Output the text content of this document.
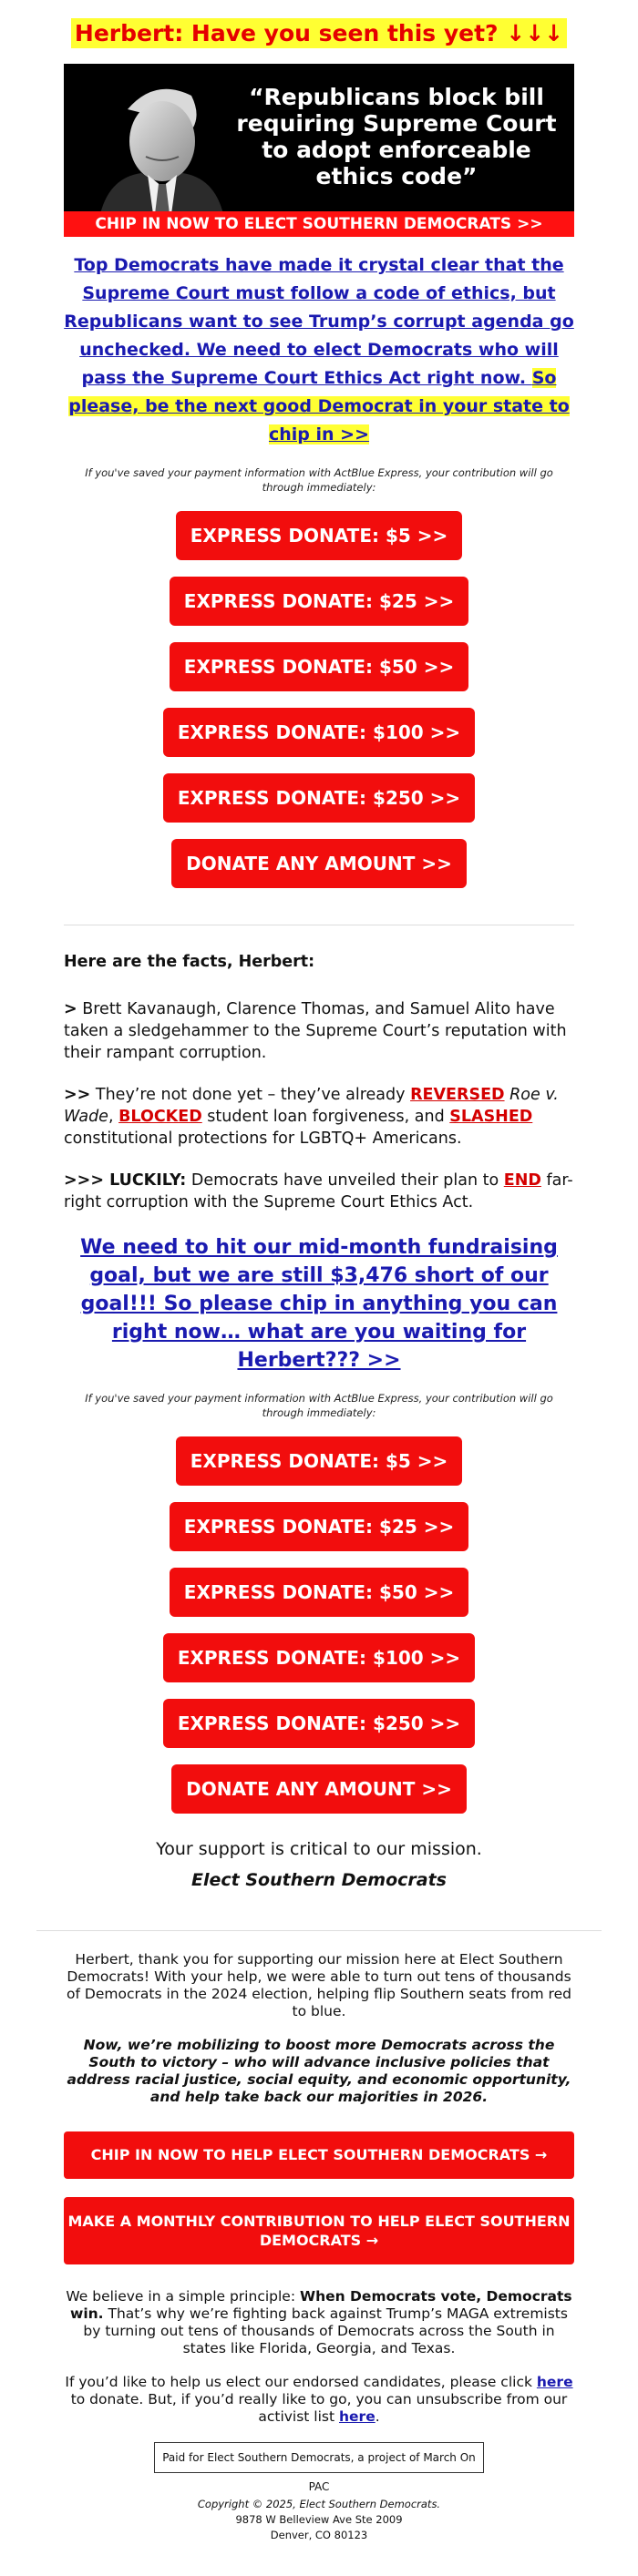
Herbert: Have you seen this yet? ↓↓↓
“Republicans block bill requiring Supreme Court to adopt enforceable ethics code”
CHIP IN NOW TO ELECT SOUTHERN DEMOCRATS >>
Top Democrats have made it crystal clear that the Supreme Court must follow a code of ethics, but Republicans want to see Trump’s corrupt agenda go unchecked. We need to elect Democrats who will pass the Supreme Court Ethics Act right now. So please, be the next good Democrat in your state to chip in >>
If you've saved your payment information with ActBlue Express, your contribution will go through immediately:
EXPRESS DONATE: $5 >>
EXPRESS DONATE: $25 >>
EXPRESS DONATE: $50 >>
EXPRESS DONATE: $100 >>
EXPRESS DONATE: $250 >>
DONATE ANY AMOUNT >>

Here are the facts, Herbert:

> Brett Kavanaugh, Clarence Thomas, and Samuel Alito have taken a sledgehammer to the Supreme Court’s reputation with their rampant corruption.

>> They’re not done yet – they’ve already REVERSED Roe v. Wade, BLOCKED student loan forgiveness, and SLASHED constitutional protections for LGBTQ+ Americans.

>>> LUCKILY: Democrats have unveiled their plan to END far-right corruption with the Supreme Court Ethics Act.

We need to hit our mid-month fundraising goal, but we are still $3,476 short of our goal!!! So please chip in anything you can right now… what are you waiting for Herbert??? >>
If you've saved your payment information with ActBlue Express, your contribution will go through immediately:
EXPRESS DONATE: $5 >>
EXPRESS DONATE: $25 >>
EXPRESS DONATE: $50 >>
EXPRESS DONATE: $100 >>
EXPRESS DONATE: $250 >>
DONATE ANY AMOUNT >>
Your support is critical to our mission.
Elect Southern Democrats

Herbert, thank you for supporting our mission here at Elect Southern Democrats! With your help, we were able to turn out tens of thousands of Democrats in the 2024 election, helping flip Southern seats from red to blue.

Now, we’re mobilizing to boost more Democrats across the South to victory – who will advance inclusive policies that address racial justice, social equity, and economic opportunity, and help take back our majorities in 2026.

CHIP IN NOW TO HELP ELECT SOUTHERN DEMOCRATS →
MAKE A MONTHLY CONTRIBUTION TO HELP ELECT SOUTHERN DEMOCRATS →

We believe in a simple principle: When Democrats vote, Democrats win. That’s why we’re fighting back against Trump’s MAGA extremists by turning out tens of thousands of Democrats across the South in states like Florida, Georgia, and Texas.

If you’d like to help us elect our endorsed candidates, please click here to donate. But, if you’d really like to go, you can unsubscribe from our activist list here.

Paid for Elect Southern Democrats, a project of March On PAC
Copyright © 2025, Elect Southern Democrats.
9878 W Belleview Ave Ste 2009
Denver, CO 80123
